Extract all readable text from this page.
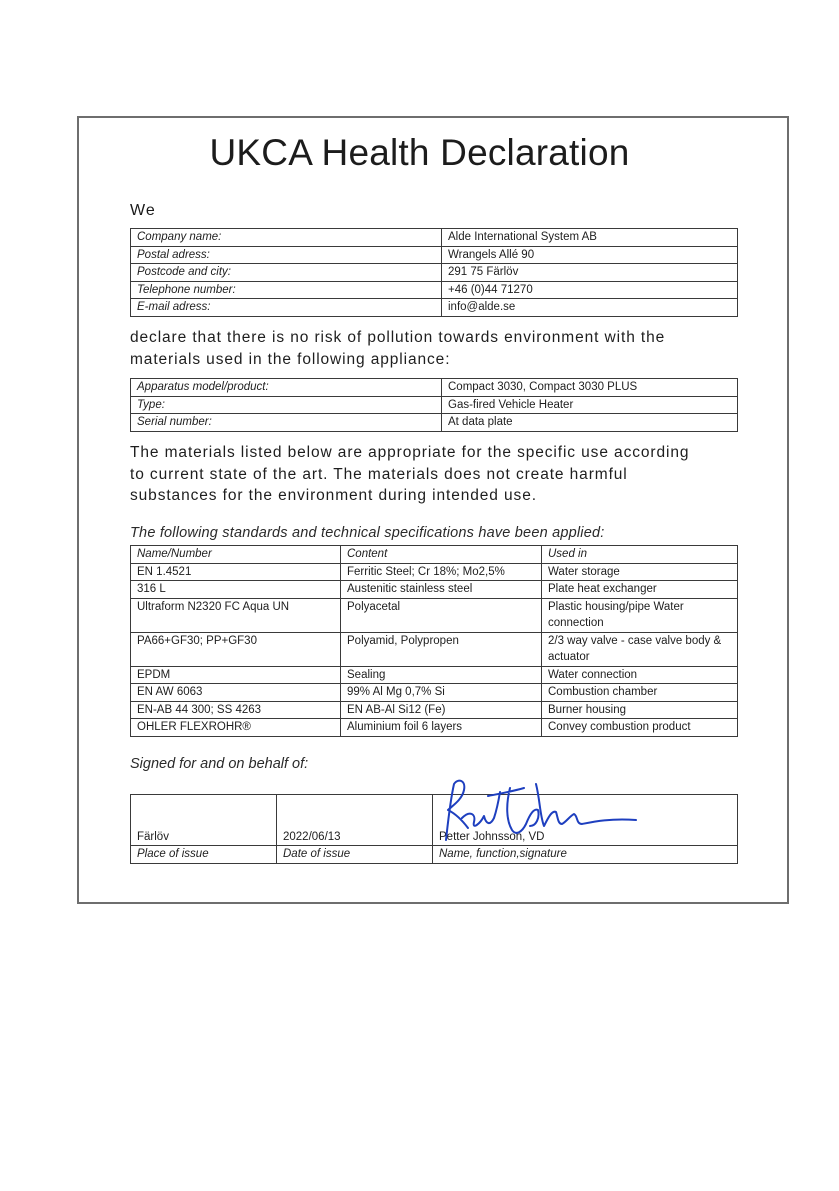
UKCA Health Declaration
We
Company name:	Alde International System AB
Postal adress:	Wrangels Allé 90
Postcode and city:	291 75 Färlöv
Telephone number:	+46 (0)44 71270
E-mail adress:	info@alde.se
declare that there is no risk of pollution towards environment with the
materials used in the following appliance:
Apparatus model/product:	Compact 3030, Compact 3030 PLUS
Type:	Gas-fired Vehicle Heater
Serial number:	At data plate
The materials listed below are appropriate for the specific use according
to current state of the art. The materials does not create harmful
substances for the environment during intended use.
The following standards and technical specifications have been applied:
Name/Number	Content	Used in
EN 1.4521	Ferritic Steel; Cr 18%; Mo2,5%	Water storage
316 L	Austenitic stainless steel	Plate heat exchanger
Ultraform N2320 FC Aqua UN	Polyacetal	Plastic housing/pipe Water connection
PA66+GF30; PP+GF30	Polyamid, Polypropen	2/3 way valve - case valve body & actuator
EPDM	Sealing	Water connection
EN AW 6063	99% Al Mg 0,7% Si	Combustion chamber
EN-AB 44 300; SS 4263	EN AB-Al Si12 (Fe)	Burner housing
OHLER FLEXROHR®	Aluminium foil 6 layers	Convey combustion product
Signed for and on behalf of:
Färlöv	2022/06/13	Petter Johnsson, VD
Place of issue	Date of issue	Name, function,signature
